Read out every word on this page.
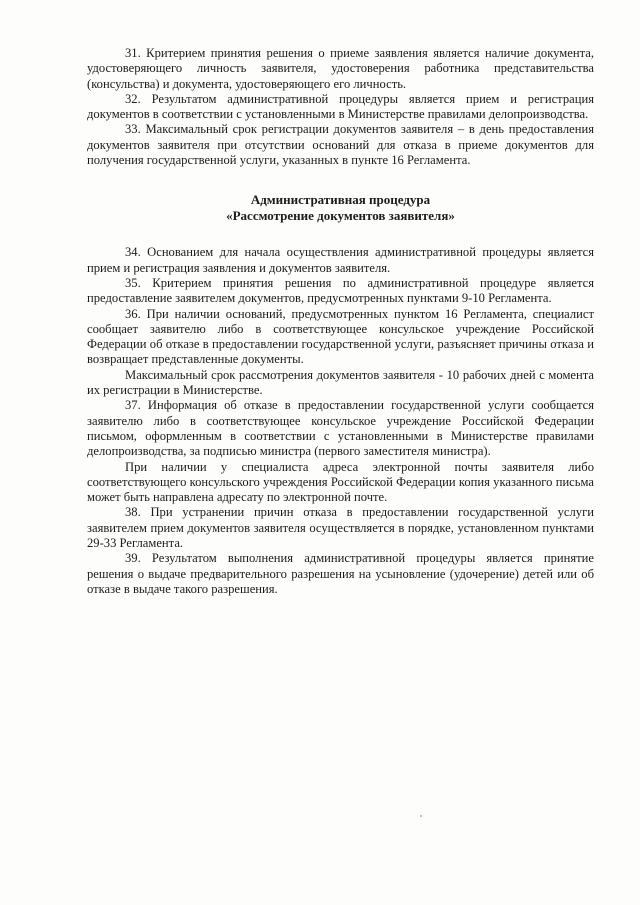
31. Критерием принятия решения о приеме заявления является наличие документа, удостоверяющего личность заявителя, удостоверения работника представительства (консульства) и документа, удостоверяющего его личность.

32. Результатом административной процедуры является прием и регистрация документов в соответствии с установленными в Министерстве правилами делопроизводства.

33. Максимальный срок регистрации документов заявителя – в день предоставления документов заявителя при отсутствии оснований для отказа в приеме документов для получения государственной услуги, указанных в пункте 16 Регламента.

Административная процедура

«Рассмотрение документов заявителя»

34. Основанием для начала осуществления административной процедуры является прием и регистрация заявления и документов заявителя.

35. Критерием принятия решения по административной процедуре является предоставление заявителем документов, предусмотренных пунктами 9-10 Регламента.

36. При наличии оснований, предусмотренных пунктом 16 Регламента, специалист сообщает заявителю либо в соответствующее консульское учреждение Российской Федерации об отказе в предоставлении государственной услуги, разъясняет причины отказа и возвращает представленные документы.

Максимальный срок рассмотрения документов заявителя - 10 рабочих дней с момента их регистрации в Министерстве.

37. Информация об отказе в предоставлении государственной услуги сообщается заявителю либо в соответствующее консульское учреждение Российской Федерации письмом, оформленным в соответствии с установленными в Министерстве правилами делопроизводства, за подписью министра (первого заместителя министра).

При наличии у специалиста адреса электронной почты заявителя либо соответствующего консульского учреждения Российской Федерации копия указанного письма может быть направлена адресату по электронной почте.

38. При устранении причин отказа в предоставлении государственной услуги заявителем прием документов заявителя осуществляется в порядке, установленном пунктами 29-33 Регламента.

39. Результатом выполнения административной процедуры является принятие решения о выдаче предварительного разрешения на усыновление (удочерение) детей или об отказе в выдаче такого разрешения.
